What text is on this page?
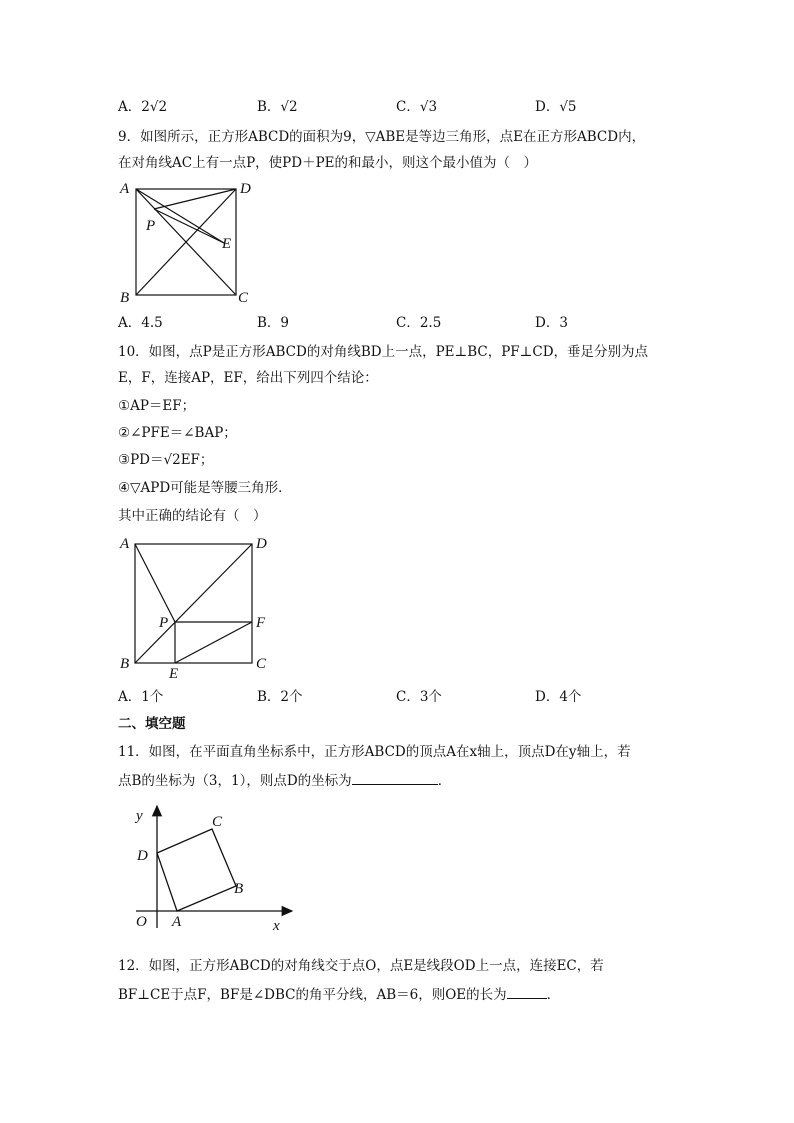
A．2√2	B．√2	C．√3	D．√5
9．如图所示，正方形ABCD的面积为9，▽ABE是等边三角形，点E在正方形ABCD内，
在对角线AC上有一点P，使PD＋PE的和最小，则这个最小值为（　）
A	D
B	C
P
E
A．4.5	B．9	C．2.5	D．3
10．如图，点P是正方形ABCD的对角线BD上一点，PE⊥BC，PF⊥CD，垂足分别为点
E，F，连接AP，EF，给出下列四个结论：
①AP＝EF；
②∠PFE＝∠BAP；
③PD＝√2EF；
④▽APD可能是等腰三角形．
其中正确的结论有（　）
A	D
B	C
P	F
E
A．1个	B．2个	C．3个	D．4个
二、填空题
11．如图，在平面直角坐标系中，正方形ABCD的顶点A在x轴上，顶点D在y轴上，若
点B的坐标为（3，1），则点D的坐标为	．
y
x
O A
B
C
D
12．如图，正方形ABCD的对角线交于点O，点E是线段OD上一点，连接EC，若
BF⊥CE于点F，BF是∠DBC的角平分线，AB＝6，则OE的长为	．
